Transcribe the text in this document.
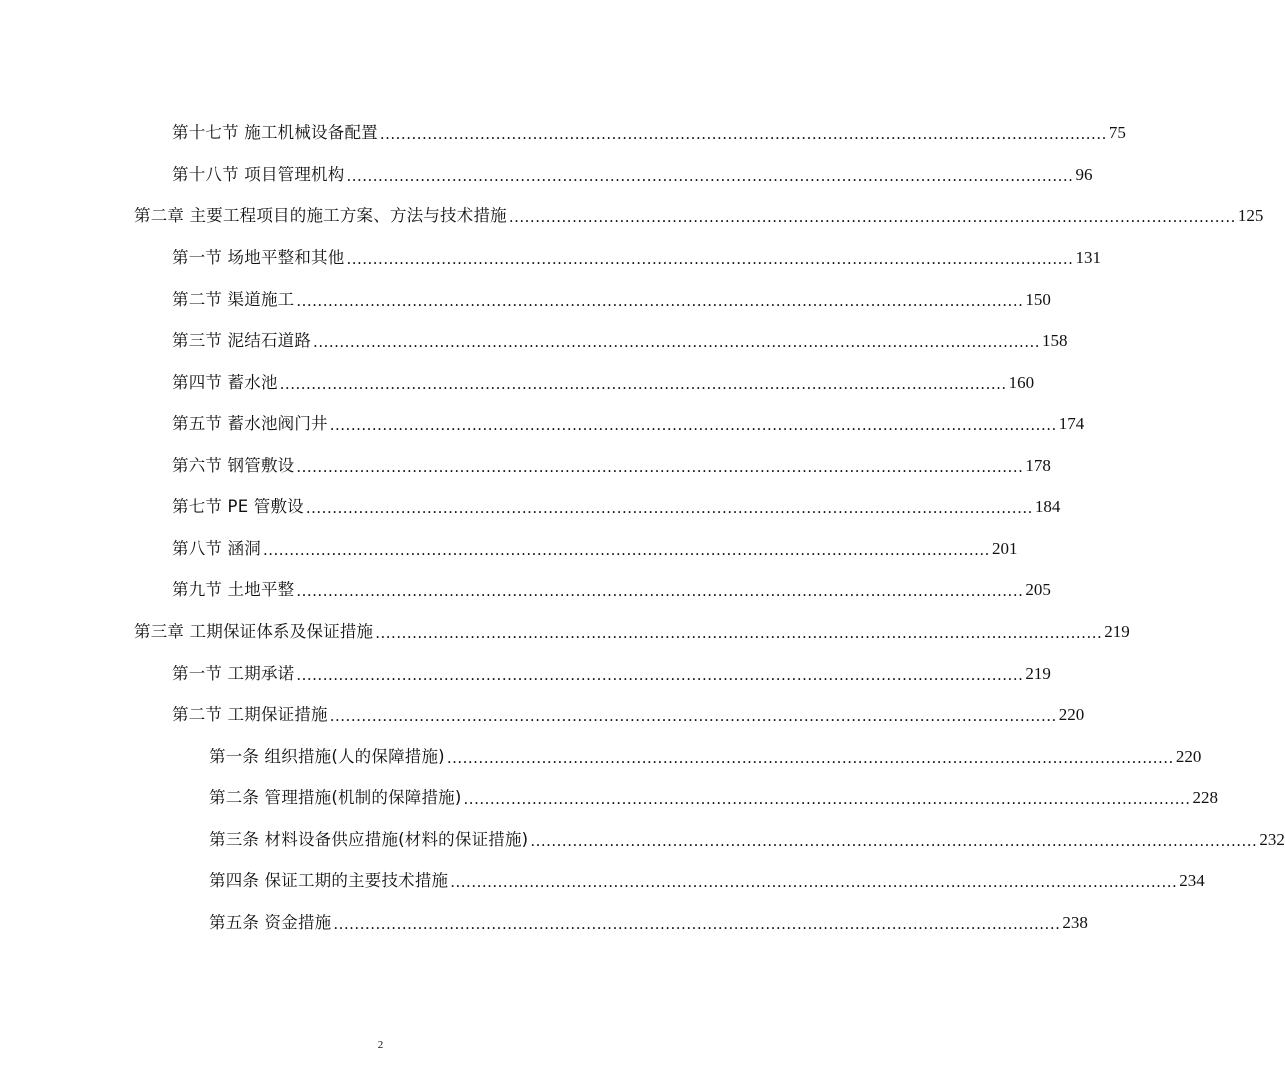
第十七节 施工机械设备配置 .......................................................................................................................................... 75
第十八节 项目管理机构 .......................................................................................................................................... 96
第二章 主要工程项目的施工方案、方法与技术措施 .......................................................................................................................................... 125
第一节 场地平整和其他 .......................................................................................................................................... 131
第二节 渠道施工 .......................................................................................................................................... 150
第三节 泥结石道路 .......................................................................................................................................... 158
第四节 蓄水池 .......................................................................................................................................... 160
第五节 蓄水池阀门井 .......................................................................................................................................... 174
第六节 钢管敷设 .......................................................................................................................................... 178
第七节 PE 管敷设 .......................................................................................................................................... 184
第八节 涵洞 .......................................................................................................................................... 201
第九节 土地平整 .......................................................................................................................................... 205
第三章 工期保证体系及保证措施 .......................................................................................................................................... 219
第一节 工期承诺 .......................................................................................................................................... 219
第二节 工期保证措施 .......................................................................................................................................... 220
第一条 组织措施(人的保障措施) .......................................................................................................................................... 220
第二条 管理措施(机制的保障措施) .......................................................................................................................................... 228
第三条 材料设备供应措施(材料的保证措施) .......................................................................................................................................... 232
第四条 保证工期的主要技术措施 .......................................................................................................................................... 234
第五条 资金措施 .......................................................................................................................................... 238
2
